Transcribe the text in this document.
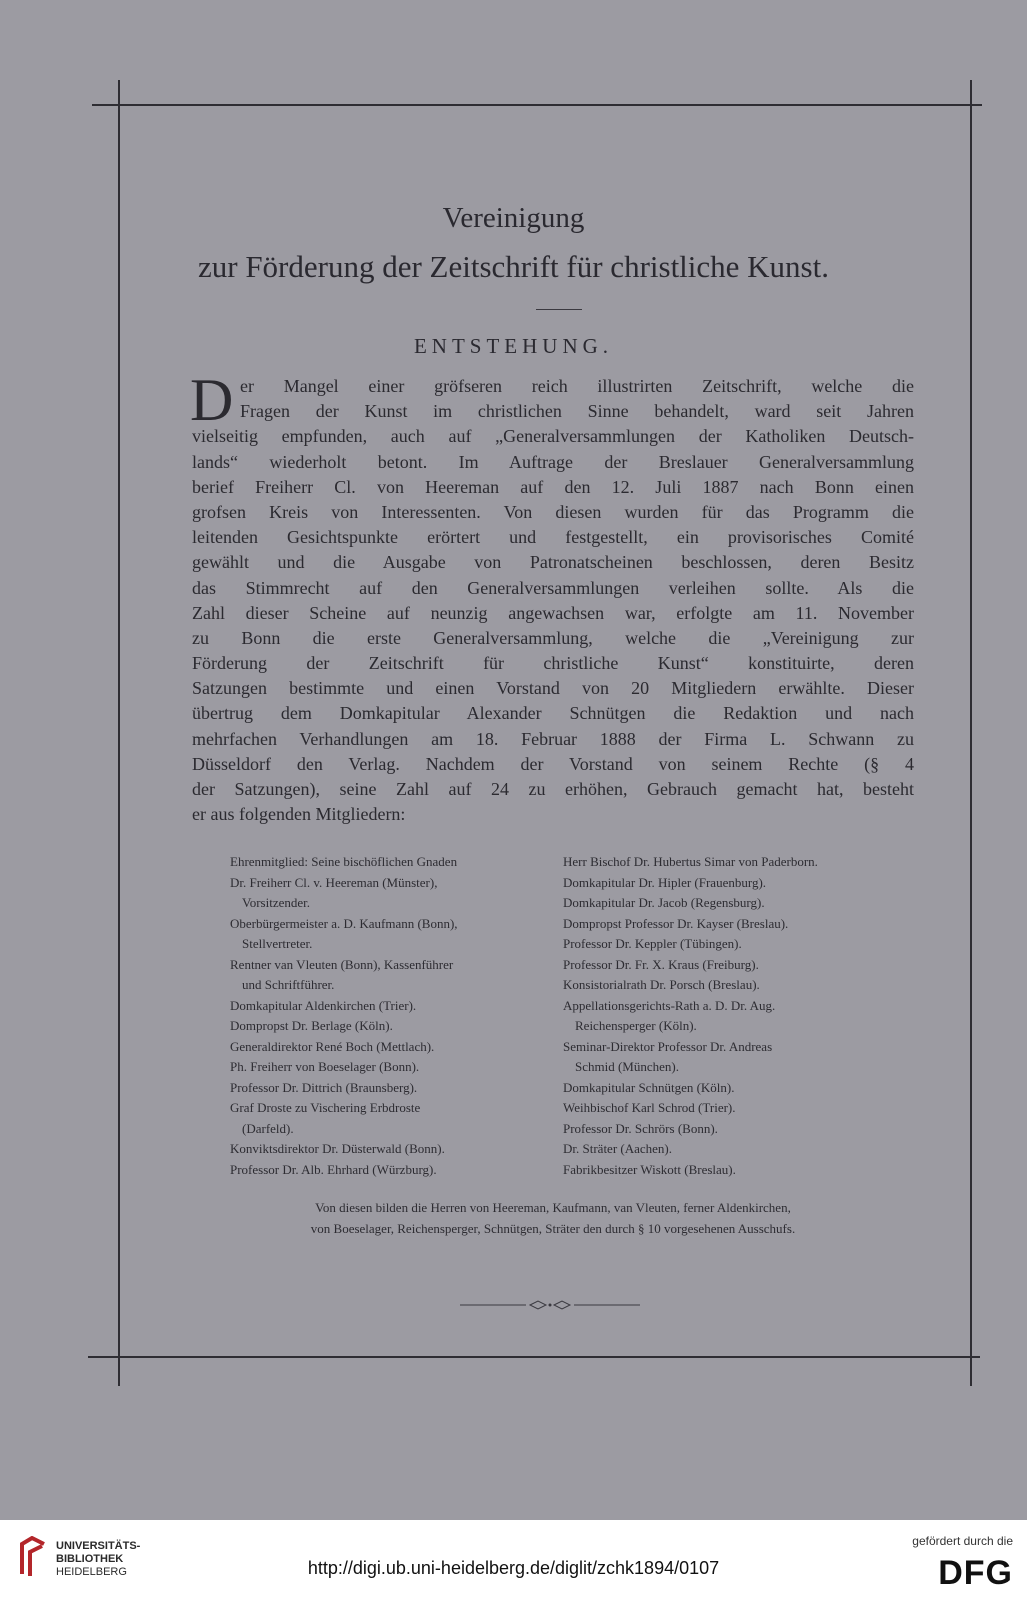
Vereinigung
zur Förderung der Zeitschrift für christliche Kunst.
ENTSTEHUNG.
D er Mangel einer gröfseren reich illustrirten Zeitschrift, welche die
Fragen der Kunst im christlichen Sinne behandelt, ward seit Jahren
vielseitig empfunden, auch auf „Generalversammlungen der Katholiken Deutsch-
lands“ wiederholt betont. Im Auftrage der Breslauer Generalversammlung
berief Freiherr Cl. von Heereman auf den 12. Juli 1887 nach Bonn einen
grofsen Kreis von Interessenten. Von diesen wurden für das Programm die
leitenden Gesichtspunkte erörtert und festgestellt, ein provisorisches Comité
gewählt und die Ausgabe von Patronatscheinen beschlossen, deren Besitz
das Stimmrecht auf den Generalversammlungen verleihen sollte. Als die
Zahl dieser Scheine auf neunzig angewachsen war, erfolgte am 11. November
zu Bonn die erste Generalversammlung, welche die „Vereinigung zur
Förderung der Zeitschrift für christliche Kunst“ konstituirte, deren
Satzungen bestimmte und einen Vorstand von 20 Mitgliedern erwählte. Dieser
übertrug dem Domkapitular Alexander Schnütgen die Redaktion und nach
mehrfachen Verhandlungen am 18. Februar 1888 der Firma L. Schwann zu
Düsseldorf den Verlag. Nachdem der Vorstand von seinem Rechte (§ 4
der Satzungen), seine Zahl auf 24 zu erhöhen, Gebrauch gemacht hat, besteht
er aus folgenden Mitgliedern:
Ehrenmitglied: Seine bischöflichen Gnaden
Dr. Freiherr Cl. v. Heereman (Münster),
Vorsitzender.
Oberbürgermeister a. D. Kaufmann (Bonn),
Stellvertreter.
Rentner van Vleuten (Bonn), Kassenführer
und Schriftführer.
Domkapitular Aldenkirchen (Trier).
Dompropst Dr. Berlage (Köln).
Generaldirektor René Boch (Mettlach).
Ph. Freiherr von Boeselager (Bonn).
Professor Dr. Dittrich (Braunsberg).
Graf Droste zu Vischering Erbdroste
(Darfeld).
Konviktsdirektor Dr. Düsterwald (Bonn).
Professor Dr. Alb. Ehrhard (Würzburg).
Herr Bischof Dr. Hubertus Simar von Paderborn.
Domkapitular Dr. Hipler (Frauenburg).
Domkapitular Dr. Jacob (Regensburg).
Dompropst Professor Dr. Kayser (Breslau).
Professor Dr. Keppler (Tübingen).
Professor Dr. Fr. X. Kraus (Freiburg).
Konsistorialrath Dr. Porsch (Breslau).
Appellationsgerichts-Rath a. D. Dr. Aug.
Reichensperger (Köln).
Seminar-Direktor Professor Dr. Andreas
Schmid (München).
Domkapitular Schnütgen (Köln).
Weihbischof Karl Schrod (Trier).
Professor Dr. Schrörs (Bonn).
Dr. Sträter (Aachen).
Fabrikbesitzer Wiskott (Breslau).
Von diesen bilden die Herren von Heereman, Kaufmann, van Vleuten, ferner Aldenkirchen,
von Boeselager, Reichensperger, Schnütgen, Sträter den durch § 10 vorgesehenen Ausschufs.
UNIVERSITÄTS-
BIBLIOTHEK
HEIDELBERG	http://digi.ub.uni-heidelberg.de/diglit/zchk1894/0107
gefördert durch die
DFG
